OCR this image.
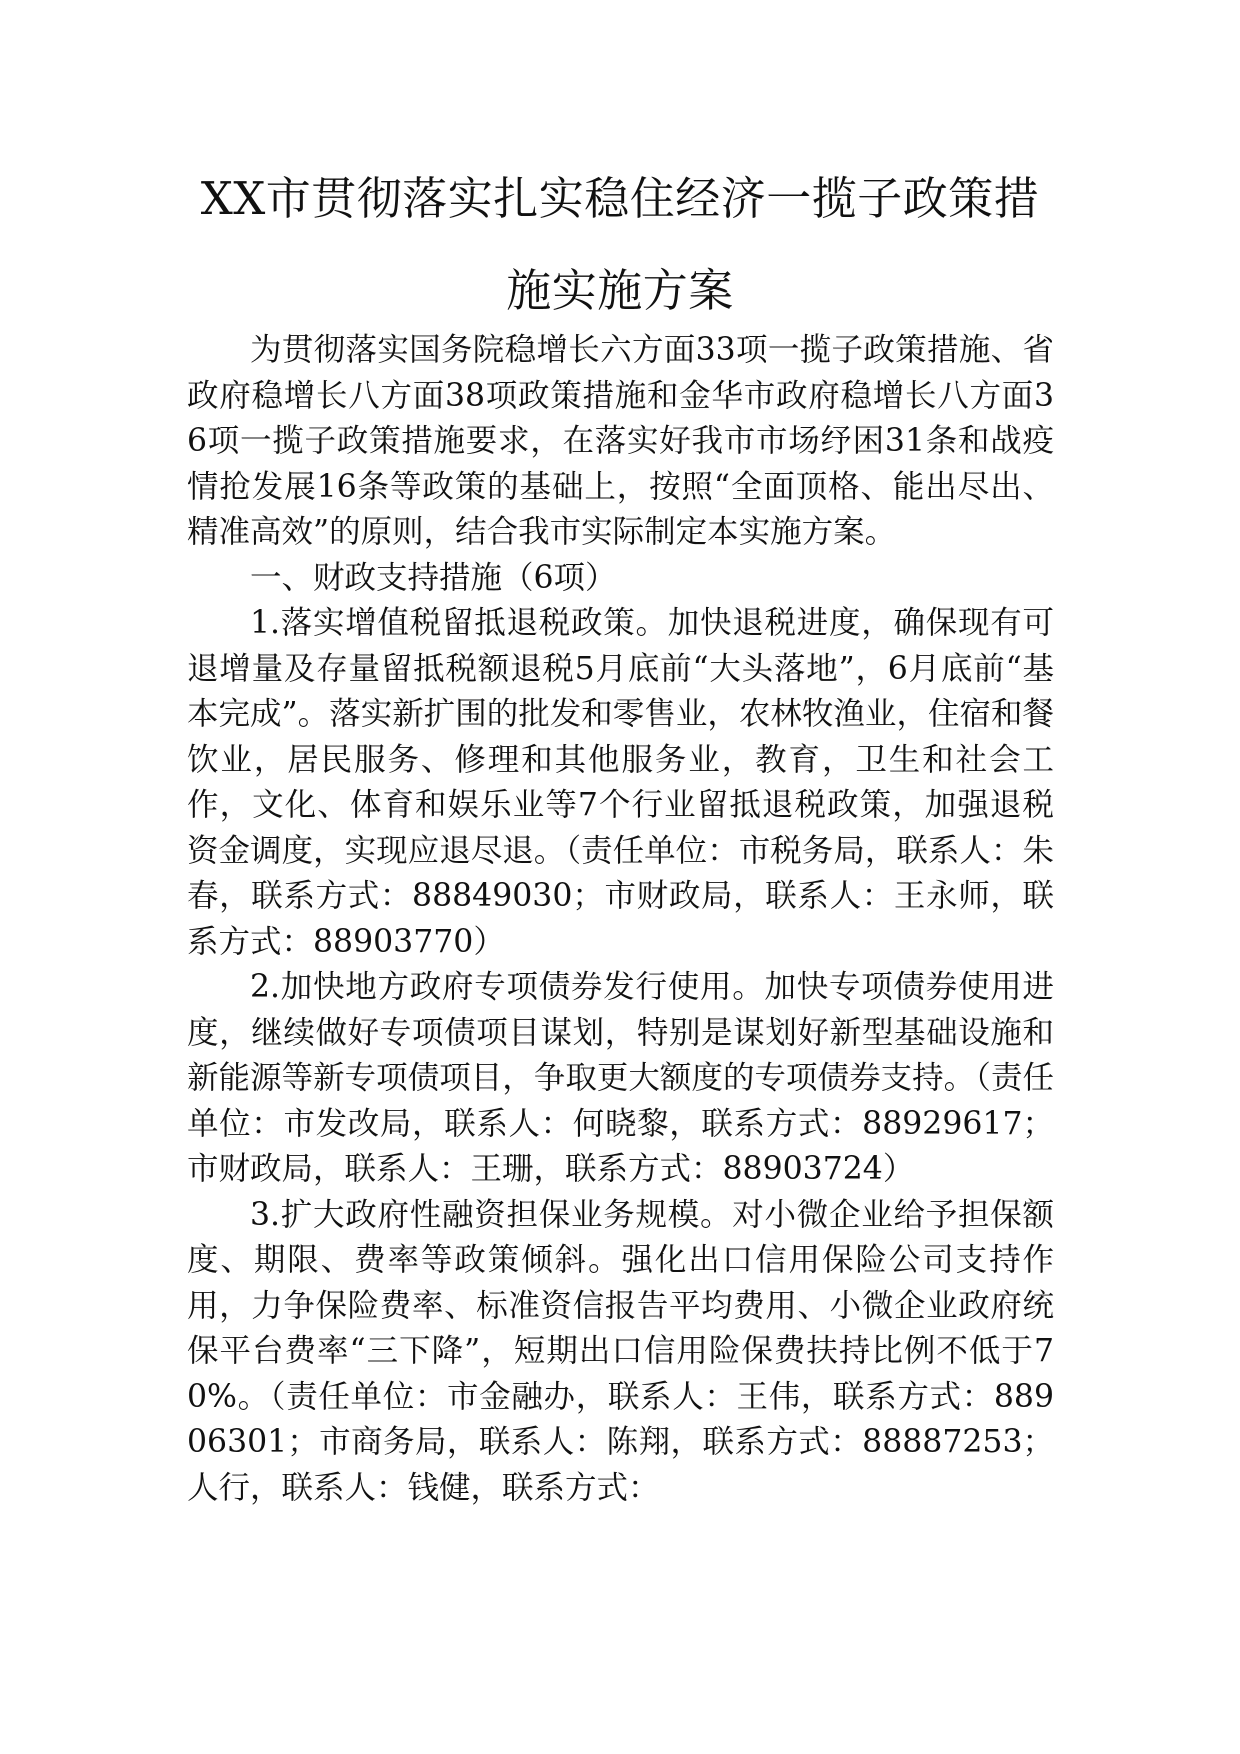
XX市贯彻落实扎实稳住经济一揽子政策措
施实施方案

为贯彻落实国务院稳增长六方面33项一揽子政策措施、省政府稳增长八方面38项政策措施和金华市政府稳增长八方面36项一揽子政策措施要求，在落实好我市市场纾困31条和战疫情抢发展16条等政策的基础上，按照“全面顶格、能出尽出、精准高效”的原则，结合我市实际制定本实施方案。

一、财政支持措施（6项）

1.落实增值税留抵退税政策。加快退税进度，确保现有可退增量及存量留抵税额退税5月底前“大头落地”，6月底前“基本完成”。落实新扩围的批发和零售业，农林牧渔业，住宿和餐饮业，居民服务、修理和其他服务业，教育，卫生和社会工作，文化、体育和娱乐业等7个行业留抵退税政策，加强退税资金调度，实现应退尽退。（责任单位：市税务局，联系人：朱春，联系方式：88849030；市财政局，联系人：王永师，联系方式：88903770）

2.加快地方政府专项债券发行使用。加快专项债券使用进度，继续做好专项债项目谋划，特别是谋划好新型基础设施和新能源等新专项债项目，争取更大额度的专项债券支持。（责任单位：市发改局，联系人：何晓黎，联系方式：88929617；市财政局，联系人：王珊，联系方式：88903724）

3.扩大政府性融资担保业务规模。对小微企业给予担保额度、期限、费率等政策倾斜。强化出口信用保险公司支持作用，力争保险费率、标准资信报告平均费用、小微企业政府统保平台费率“三下降”，短期出口信用险保费扶持比例不低于70%。（责任单位：市金融办，联系人：王伟，联系方式：88906301；市商务局，联系人：陈翔，联系方式：88887253；人行，联系人：钱健，联系方式：
